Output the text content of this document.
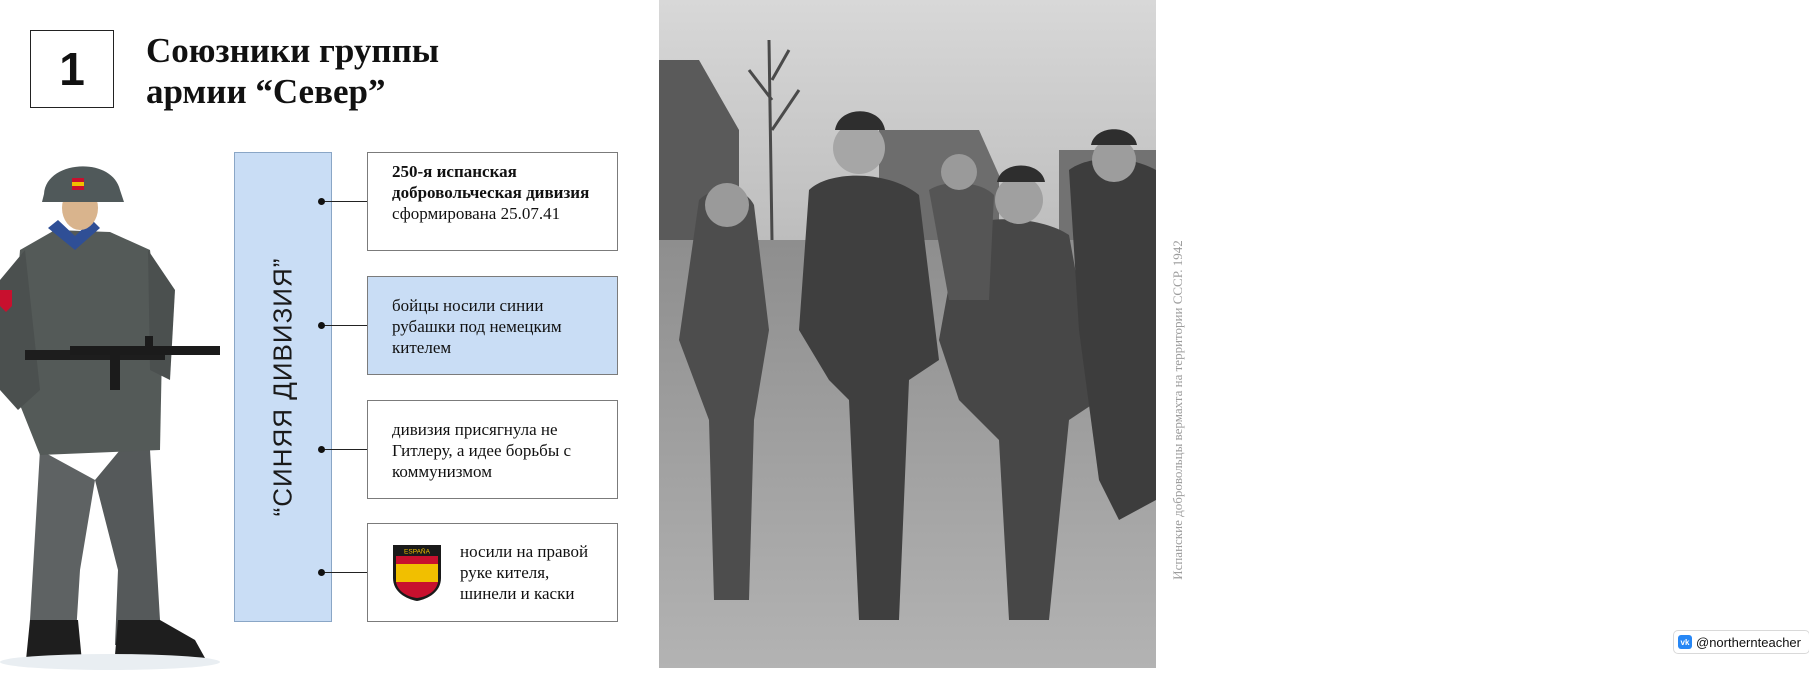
1	Союзники группы
армии “Север”
“СИНЯЯ ДИВИЗИЯ”
250-я испанская добровольческая дивизия сформирована 25.07.41
бойцы носили синии рубашки под немецким кителем
дивизия присягнула не Гитлеру, а идее борьбы с коммунизмом
ESPAÑA носили на правой руке кителя, шинели и каски
vk @northernteacher
Испанские добровольцы вермахта на территории СССР. 1942
